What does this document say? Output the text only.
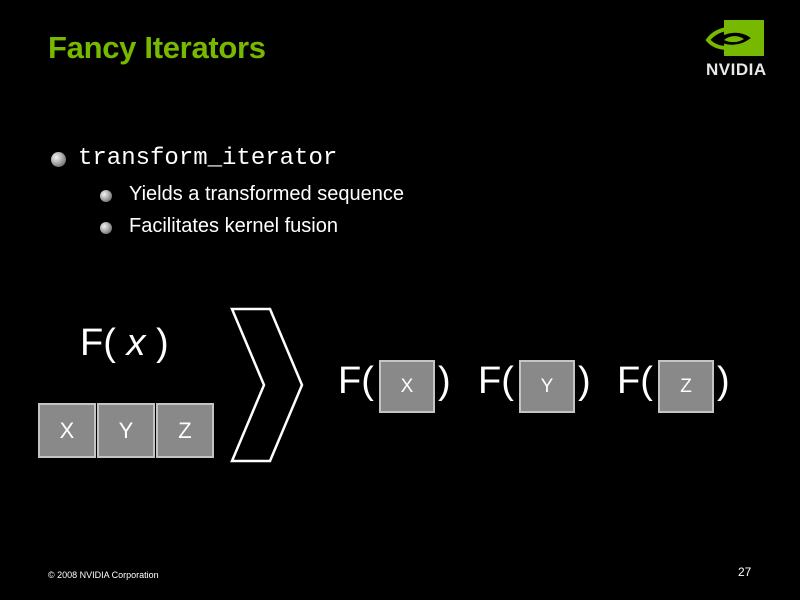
Fancy Iterators
NVIDIA
transform_iterator
Yields a transformed sequence
Facilitates kernel fusion
F( x )
X	Y	Z
F(	X ) F(	Y ) F(	Z )
© 2008 NVIDIA Corporation	27
